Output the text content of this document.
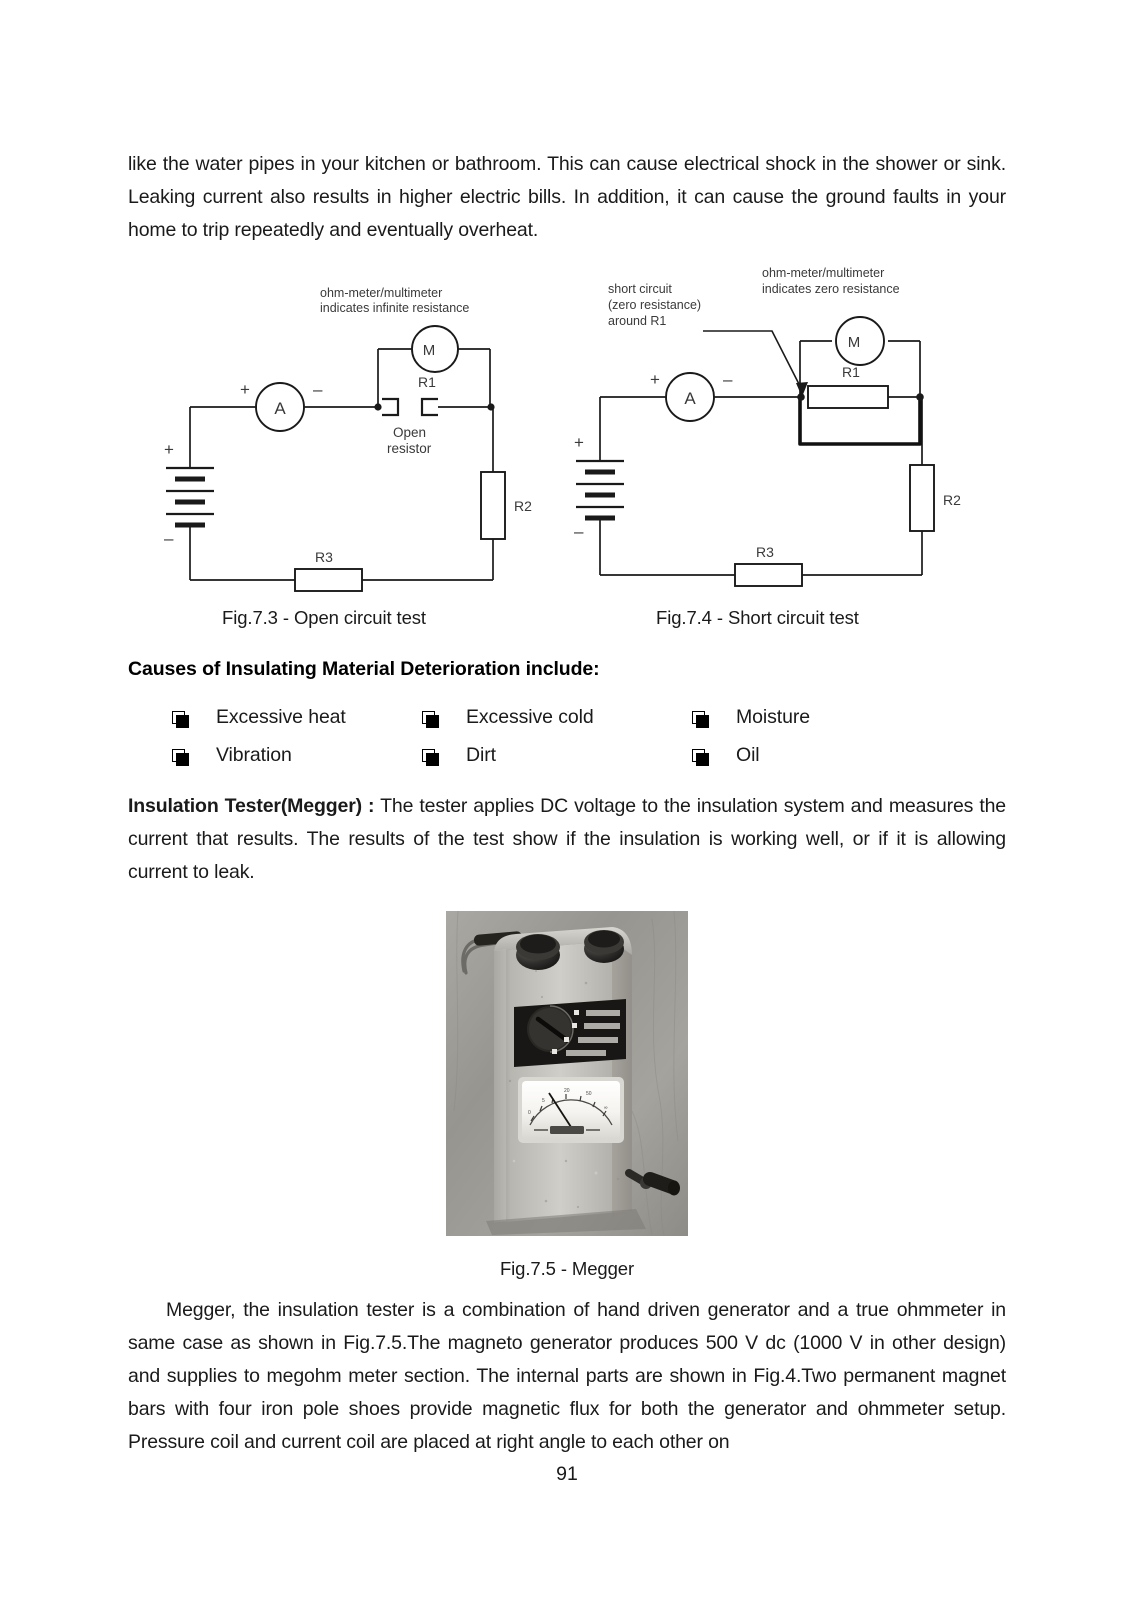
like the water pipes in your kitchen or bathroom. This can cause electrical shock in the shower or sink. Leaking current also results in higher electric bills. In addition, it can cause the ground faults in your home to trip repeatedly and eventually overheat.
ohm-meter/multimeter
indicates infinite resistance
M
A
+	–
+
–
R1
R2
R3
Open
resistor
short circuit
(zero resistance)
around R1
ohm-meter/multimeter
indicates zero resistance
M
A
+	–
+
–
R1
R2
R3
Fig.7.3 - Open circuit test	Fig.7.4 - Short circuit test
Causes of Insulating Material Deterioration include:
Excessive heat	Excessive cold	Moisture
Vibration	Dirt	Oil
Insulation Tester(Megger) : The tester applies DC voltage to the insulation system and measures the current that results. The results of the test show if the insulation is working well, or if it is allowing current to leak.
0
5
20	50
∞
Fig.7.5 - Megger
Megger, the insulation tester is a combination of hand driven generator and a true ohmmeter in same case as shown in Fig.7.5.The magneto generator produces 500 V dc (1000 V in other design) and supplies to megohm meter section. The internal parts are shown in Fig.4.Two permanent magnet bars with four iron pole shoes provide magnetic flux for both the generator and ohmmeter setup. Pressure coil and current coil are placed at right angle to each other on
91
